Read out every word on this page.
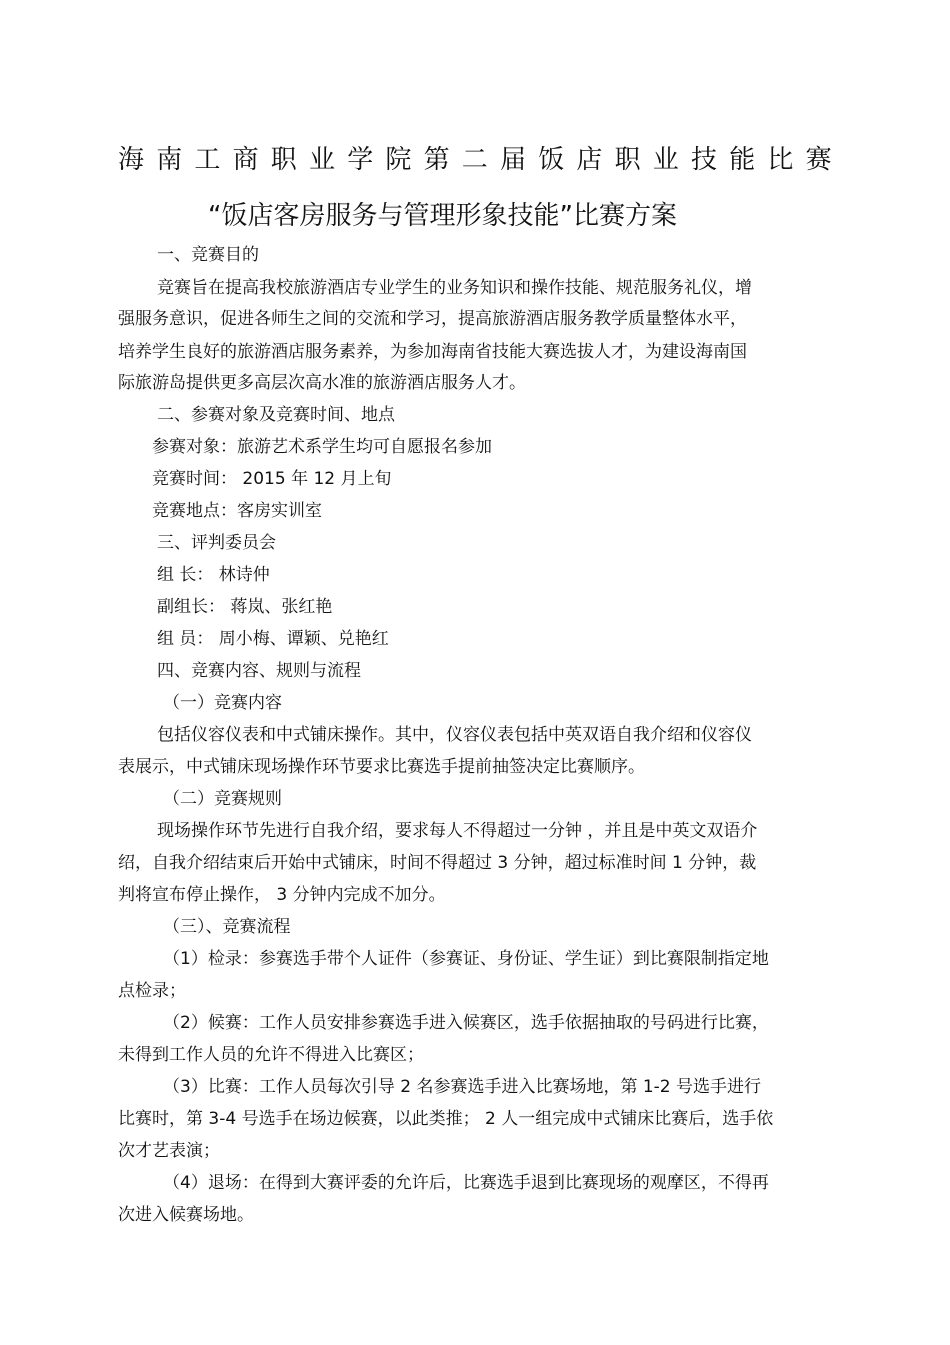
海南工商职业学院第二届饭店职业技能比赛
“饭店客房服务与管理形象技能”比赛方案
一、竞赛目的
竞赛旨在提高我校旅游酒店专业学生的业务知识和操作技能、规范服务礼仪，增
强服务意识，促进各师生之间的交流和学习，提高旅游酒店服务教学质量整体水平，
培养学生良好的旅游酒店服务素养，为参加海南省技能大赛选拔人才，为建设海南国
际旅游岛提供更多高层次高水准的旅游酒店服务人才。
二、参赛对象及竞赛时间、地点
参赛对象：旅游艺术系学生均可自愿报名参加
竞赛时间： 2015 年 12 月上旬
竞赛地点：客房实训室
三、评判委员会
组 长： 林诗仲
副组长： 蒋岚、张红艳
组 员： 周小梅、谭颖、兑艳红
四、竞赛内容、规则与流程
（一）竞赛内容
包括仪容仪表和中式铺床操作。其中，仪容仪表包括中英双语自我介绍和仪容仪
表展示，中式铺床现场操作环节要求比赛选手提前抽签决定比赛顺序。
（二）竞赛规则
现场操作环节先进行自我介绍，要求每人不得超过一分钟 ，并且是中英文双语介
绍，自我介绍结束后开始中式铺床，时间不得超过 3 分钟，超过标准时间 1 分钟，裁
判将宣布停止操作， 3 分钟内完成不加分。
（三）、竞赛流程
（1）检录：参赛选手带个人证件（参赛证、身份证、学生证）到比赛限制指定地
点检录；
（2）候赛：工作人员安排参赛选手进入候赛区，选手依据抽取的号码进行比赛，
未得到工作人员的允许不得进入比赛区；
（3）比赛：工作人员每次引导 2 名参赛选手进入比赛场地，第 1-2 号选手进行
比赛时，第 3-4 号选手在场边候赛，以此类推； 2 人一组完成中式铺床比赛后，选手依
次才艺表演；
（4）退场：在得到大赛评委的允许后，比赛选手退到比赛现场的观摩区，不得再
次进入候赛场地。
